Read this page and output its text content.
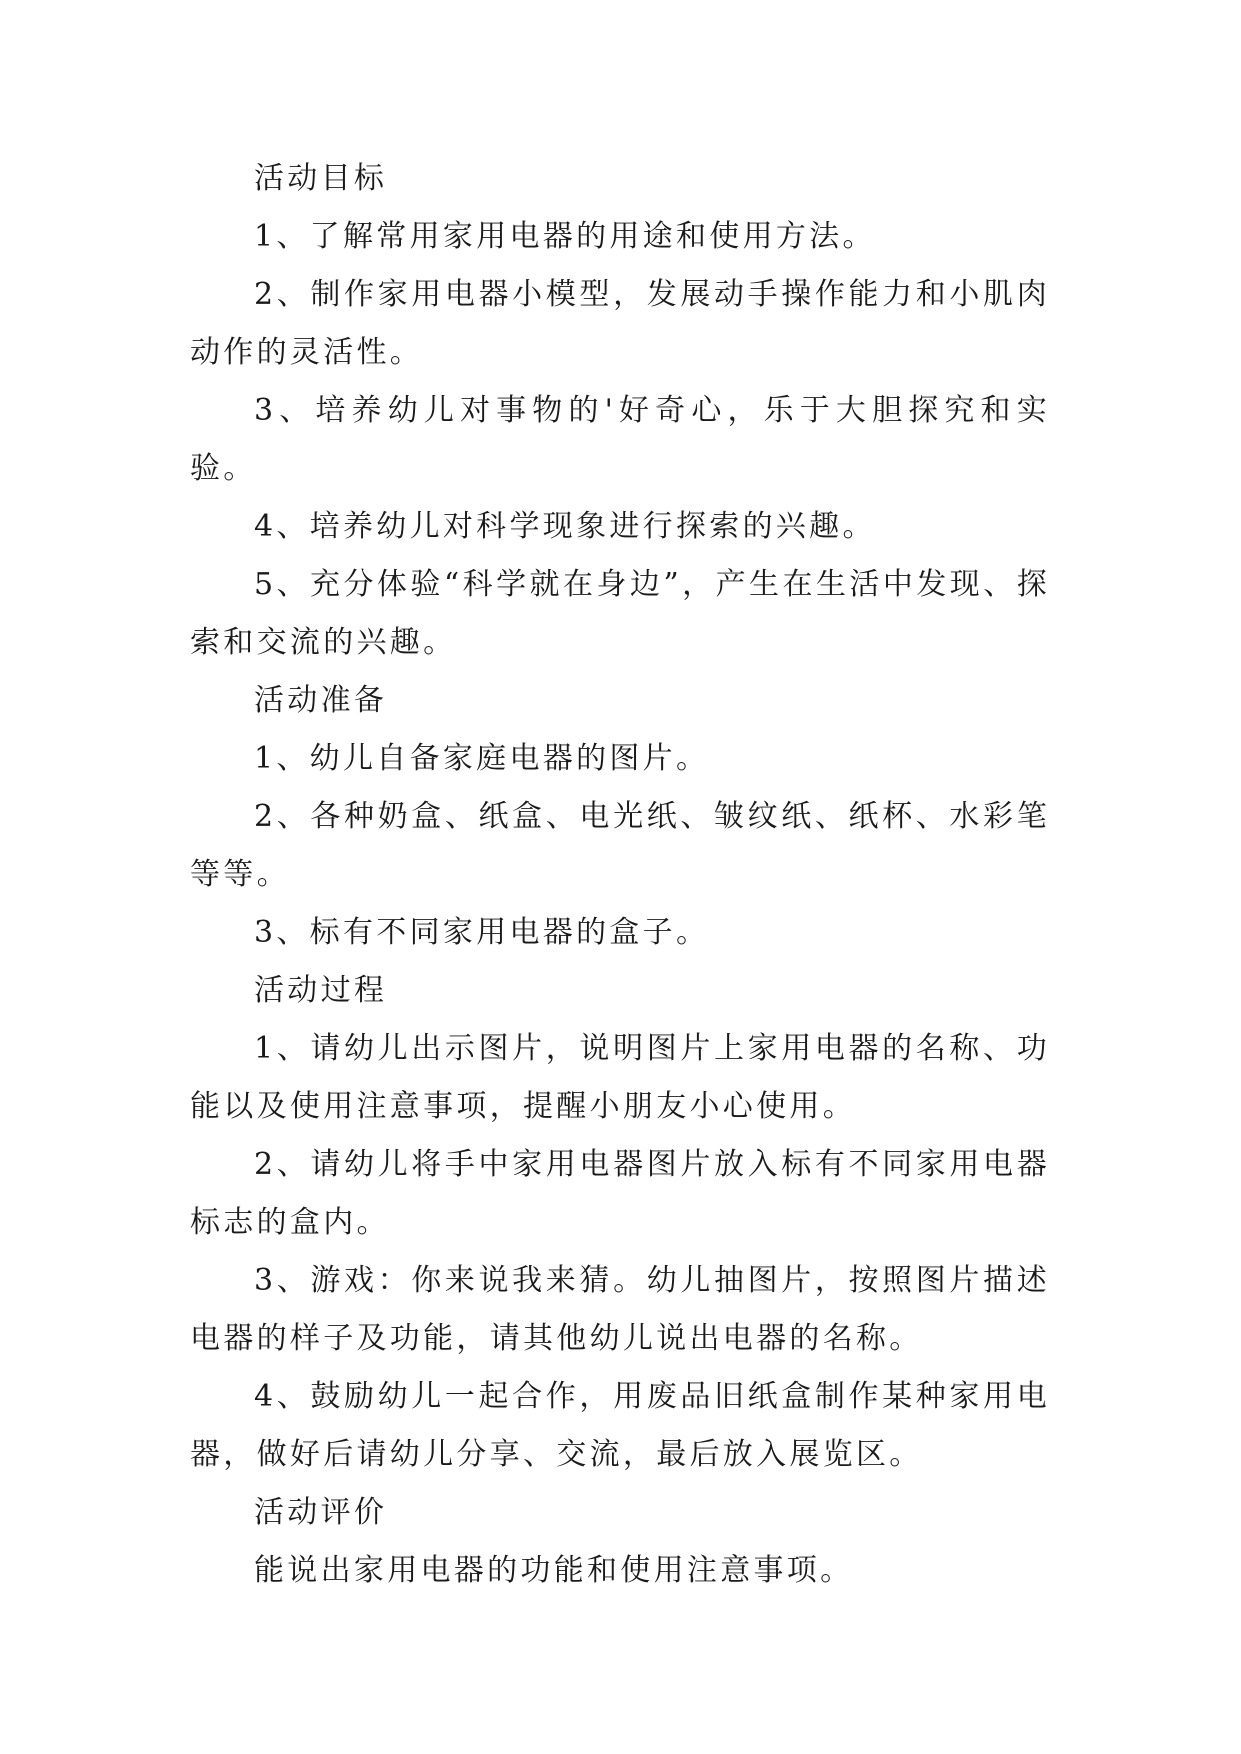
活动目标

1、了解常用家用电器的用途和使用方法。

2、制作家用电器小模型，发展动手操作能力和小肌肉动作的灵活性。

3、培养幼儿对事物的'好奇心，乐于大胆探究和实验。

4、培养幼儿对科学现象进行探索的兴趣。

5、充分体验“科学就在身边”，产生在生活中发现、探索和交流的兴趣。

活动准备

1、幼儿自备家庭电器的图片。

2、各种奶盒、纸盒、电光纸、皱纹纸、纸杯、水彩笔等等。

3、标有不同家用电器的盒子。

活动过程

1、请幼儿出示图片，说明图片上家用电器的名称、功能以及使用注意事项，提醒小朋友小心使用。

2、请幼儿将手中家用电器图片放入标有不同家用电器标志的盒内。

3、游戏：你来说我来猜。幼儿抽图片，按照图片描述电器的样子及功能，请其他幼儿说出电器的名称。

4、鼓励幼儿一起合作，用废品旧纸盒制作某种家用电器，做好后请幼儿分享、交流，最后放入展览区。

活动评价

能说出家用电器的功能和使用注意事项。
